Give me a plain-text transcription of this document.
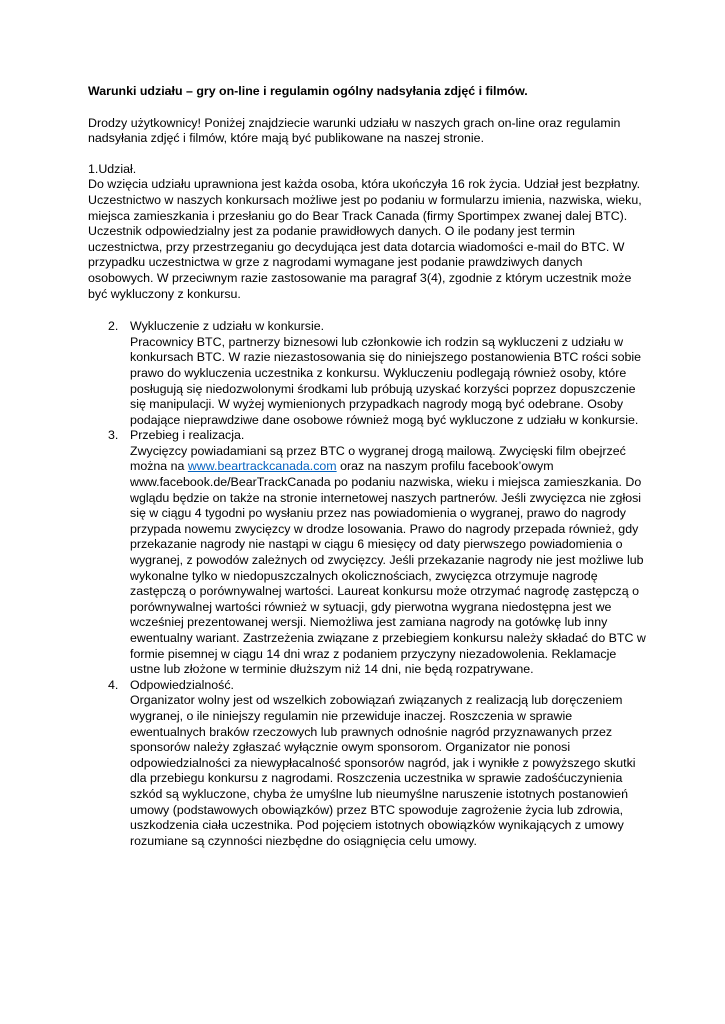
Warunki udziału – gry on-line i regulamin ogólny nadsyłania zdjęć i filmów.

Drodzy użytkownicy! Poniżej znajdziecie warunki udziału w naszych grach on-line oraz regulamin nadsyłania zdjęć i filmów, które mają być publikowane na naszej stronie.

1.Udział.

Do wzięcia udziału uprawniona jest każda osoba, która ukończyła 16 rok życia. Udział jest bezpłatny. Uczestnictwo w naszych konkursach możliwe jest po podaniu w formularzu imienia, nazwiska, wieku, miejsca zamieszkania i przesłaniu go do Bear Track Canada (firmy Sportimpex zwanej dalej BTC). Uczestnik odpowiedzialny jest za podanie prawidłowych danych. O ile podany jest termin uczestnictwa, przy przestrzeganiu go decydująca jest data dotarcia wiadomości e-mail do BTC. W przypadku uczestnictwa w grze z nagrodami wymagane jest podanie prawdziwych danych osobowych. W przeciwnym razie zastosowanie ma paragraf 3(4), zgodnie z którym uczestnik może być wykluczony z konkursu.

2. Wykluczenie z udziału w konkursie.

Pracownicy BTC, partnerzy biznesowi lub członkowie ich rodzin są wykluczeni z udziału w konkursach BTC. W razie niezastosowania się do niniejszego postanowienia BTC rości sobie prawo do wykluczenia uczestnika z konkursu. Wykluczeniu podlegają również osoby, które posługują się niedozwolonymi środkami lub próbują uzyskać korzyści poprzez dopuszczenie się manipulacji. W wyżej wymienionych przypadkach nagrody mogą być odebrane. Osoby podające nieprawdziwe dane osobowe również mogą być wykluczone z udziału w konkursie.

3. Przebieg i realizacja.

Zwycięzcy powiadamiani są przez BTC o wygranej drogą mailową. Zwycięski film obejrzeć można na www.beartrackcanada.com oraz na naszym profilu facebook’owym www.facebook.de/BearTrackCanada po podaniu nazwiska, wieku i miejsca zamieszkania. Do wglądu będzie on także na stronie internetowej naszych partnerów. Jeśli zwycięzca nie zgłosi się w ciągu 4 tygodni po wysłaniu przez nas powiadomienia o wygranej, prawo do nagrody przypada nowemu zwycięzcy w drodze losowania. Prawo do nagrody przepada również, gdy przekazanie nagrody nie nastąpi w ciągu 6 miesięcy od daty pierwszego powiadomienia o wygranej, z powodów zależnych od zwycięzcy. Jeśli przekazanie nagrody nie jest możliwe lub wykonalne tylko w niedopuszczalnych okolicznościach, zwycięzca otrzymuje nagrodę zastępczą o porównywalnej wartości. Laureat konkursu może otrzymać nagrodę zastępczą o porównywalnej wartości również w sytuacji, gdy pierwotna wygrana niedostępna jest we wcześniej prezentowanej wersji. Niemożliwa jest zamiana nagrody na gotówkę lub inny ewentualny wariant. Zastrzeżenia związane z przebiegiem konkursu należy składać do BTC w formie pisemnej w ciągu 14 dni wraz z podaniem przyczyny niezadowolenia. Reklamacje ustne lub złożone w terminie dłuższym niż 14 dni, nie będą rozpatrywane.

4. Odpowiedzialność.

Organizator wolny jest od wszelkich zobowiązań związanych z realizacją lub doręczeniem wygranej, o ile niniejszy regulamin nie przewiduje inaczej. Roszczenia w sprawie ewentualnych braków rzeczowych lub prawnych odnośnie nagród przyznawanych przez sponsorów należy zgłaszać wyłącznie owym sponsorom. Organizator nie ponosi odpowiedzialności za niewypłacalność sponsorów nagród, jak i wynikłe z powyższego skutki dla przebiegu konkursu z nagrodami. Roszczenia uczestnika w sprawie zadośćuczynienia szkód są wykluczone, chyba że umyślne lub nieumyślne naruszenie istotnych postanowień umowy (podstawowych obowiązków) przez BTC spowoduje zagrożenie życia lub zdrowia, uszkodzenia ciała uczestnika. Pod pojęciem istotnych obowiązków wynikających z umowy rozumiane są czynności niezbędne do osiągnięcia celu umowy.
